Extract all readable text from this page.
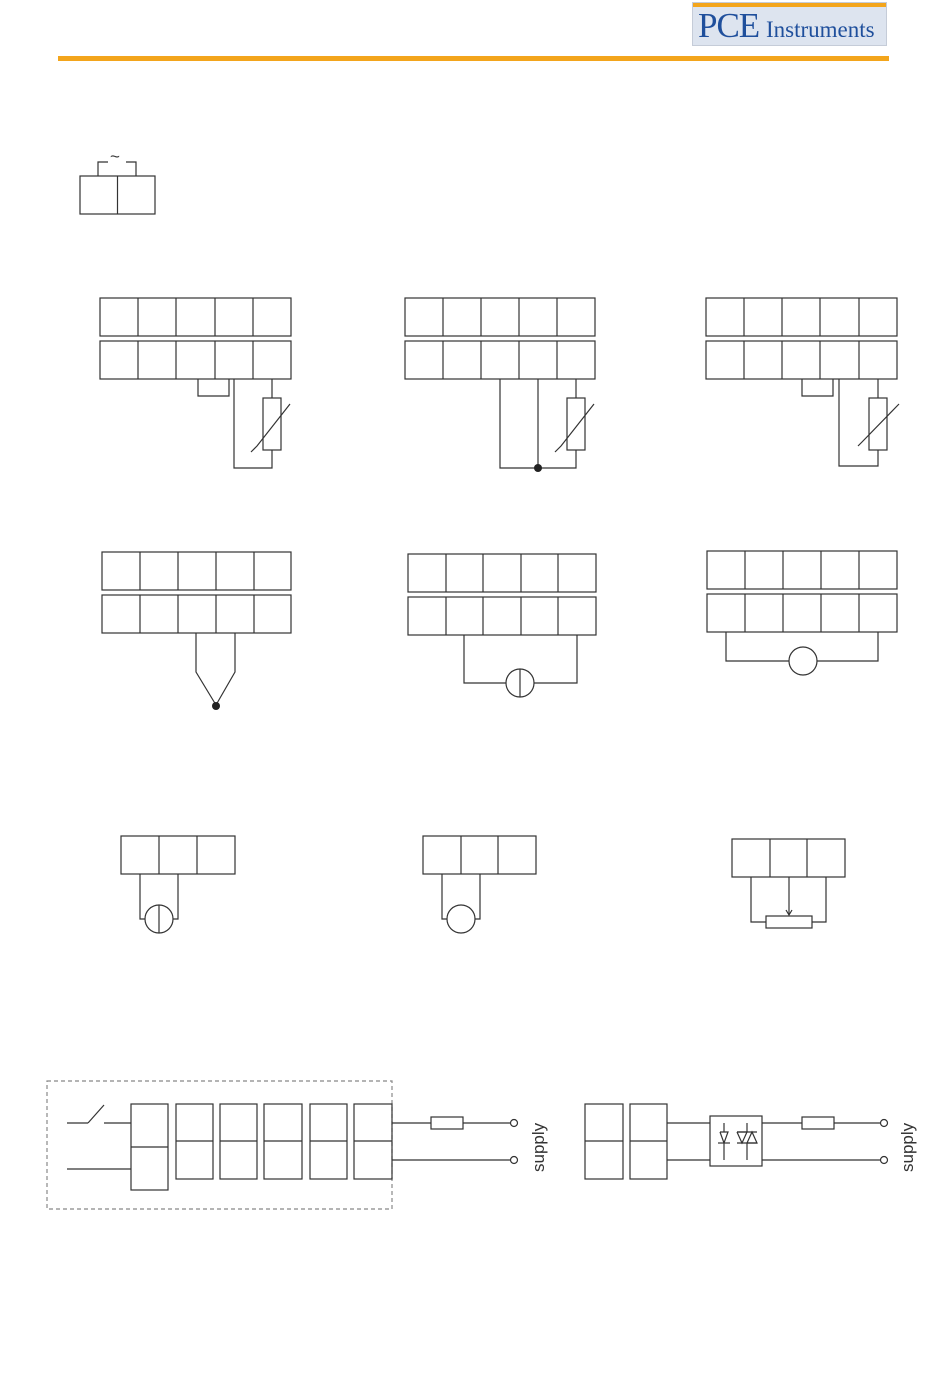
PCE Instruments
~
supply	supply
